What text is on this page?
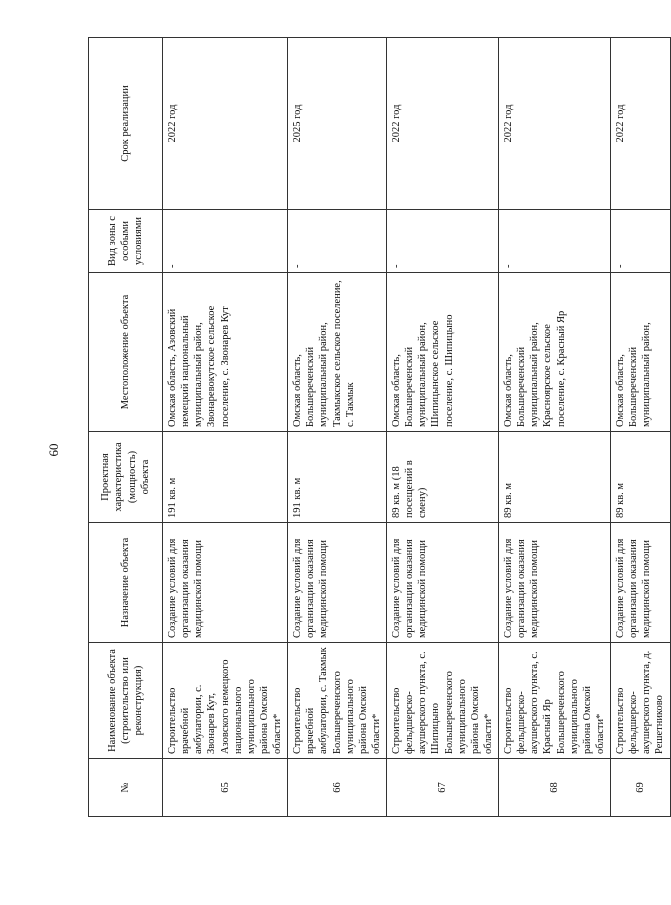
60
№	Наименование объекта (строительство или реконструкция)	Назначение объекта	Проектная характеристика (мощность) объекта	Местоположение объекта	Вид зоны с особыми условиями	Срок реализации
65	Строительство врачебной амбулатории, с. Звонарев Кут, Азовского немецкого национального муниципального района Омской области*	Создание условий для организации оказания медицинской помощи	191 кв. м	Омская область, Азовский немецкий национальный муниципальный район, Звонаревокутское сельское поселение, с. Звонарев Кут	-	2022 год
66	Строительство врачебной амбулатории, с. Такмык Большереченского муниципального района Омской области*	Создание условий для организации оказания медицинской помощи	191 кв. м	Омская область, Большереченский муниципальный район, Такмыкское сельское поселение, с. Такмык	-	2025 год
67	Строительство фельдшерско-акушерского пункта, с. Шипицыно Большереченского муниципального района Омской области*	Создание условий для организации оказания медицинской помощи	89 кв. м (18 посещений в смену)	Омская область, Большереченский муниципальный район, Шипицынское сельское поселение, с. Шипицыно	-	2022 год
68	Строительство фельдшерско-акушерского пункта, с. Красный Яр Большереченского муниципального района Омской области*	Создание условий для организации оказания медицинской помощи	89 кв. м	Омская область, Большереченский муниципальный район, Красноярское сельское поселение, с. Красный Яр	-	2022 год
69	Строительство фельдшерско-акушерского пункта, д. Решетниково	Создание условий для организации оказания медицинской помощи	89 кв. м	Омская область, Большереченский муниципальный район,	-	2022 год
